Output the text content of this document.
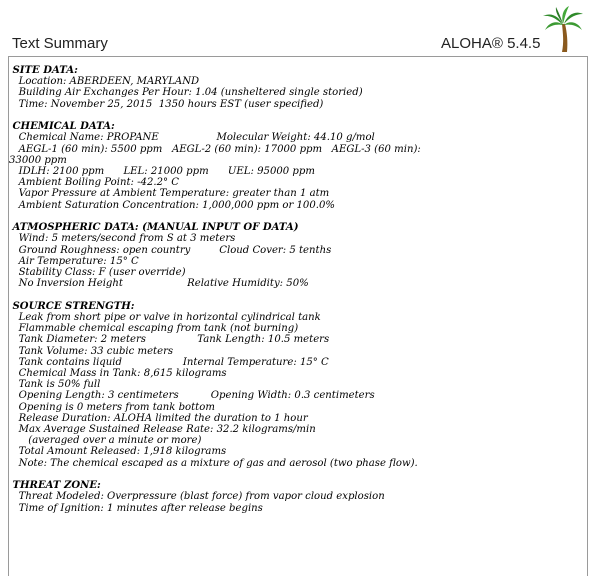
Text Summary	ALOHA® 5.4.5
SITE DATA:
Location: ABERDEEN, MARYLAND
Building Air Exchanges Per Hour: 1.04 (unsheltered single storied)
Time: November 25, 2015  1350 hours EST (user specified)
CHEMICAL DATA:
Chemical Name: PROPANE                  Molecular Weight: 44.10 g/mol
AEGL-1 (60 min): 5500 ppm   AEGL-2 (60 min): 17000 ppm   AEGL-3 (60 min):
33000 ppm
IDLH: 2100 ppm      LEL: 21000 ppm      UEL: 95000 ppm
Ambient Boiling Point: -42.2° C
Vapor Pressure at Ambient Temperature: greater than 1 atm
Ambient Saturation Concentration: 1,000,000 ppm or 100.0%
ATMOSPHERIC DATA: (MANUAL INPUT OF DATA)
Wind: 5 meters/second from S at 3 meters
Ground Roughness: open country         Cloud Cover: 5 tenths
Air Temperature: 15° C
Stability Class: F (user override)
No Inversion Height                    Relative Humidity: 50%
SOURCE STRENGTH:
Leak from short pipe or valve in horizontal cylindrical tank
Flammable chemical escaping from tank (not burning)
Tank Diameter: 2 meters                Tank Length: 10.5 meters
Tank Volume: 33 cubic meters
Tank contains liquid                   Internal Temperature: 15° C
Chemical Mass in Tank: 8,615 kilograms
Tank is 50% full
Opening Length: 3 centimeters          Opening Width: 0.3 centimeters
Opening is 0 meters from tank bottom
Release Duration: ALOHA limited the duration to 1 hour
Max Average Sustained Release Rate: 32.2 kilograms/min
(averaged over a minute or more)
Total Amount Released: 1,918 kilograms
Note: The chemical escaped as a mixture of gas and aerosol (two phase flow).
THREAT ZONE:
Threat Modeled: Overpressure (blast force) from vapor cloud explosion
Time of Ignition: 1 minutes after release begins
